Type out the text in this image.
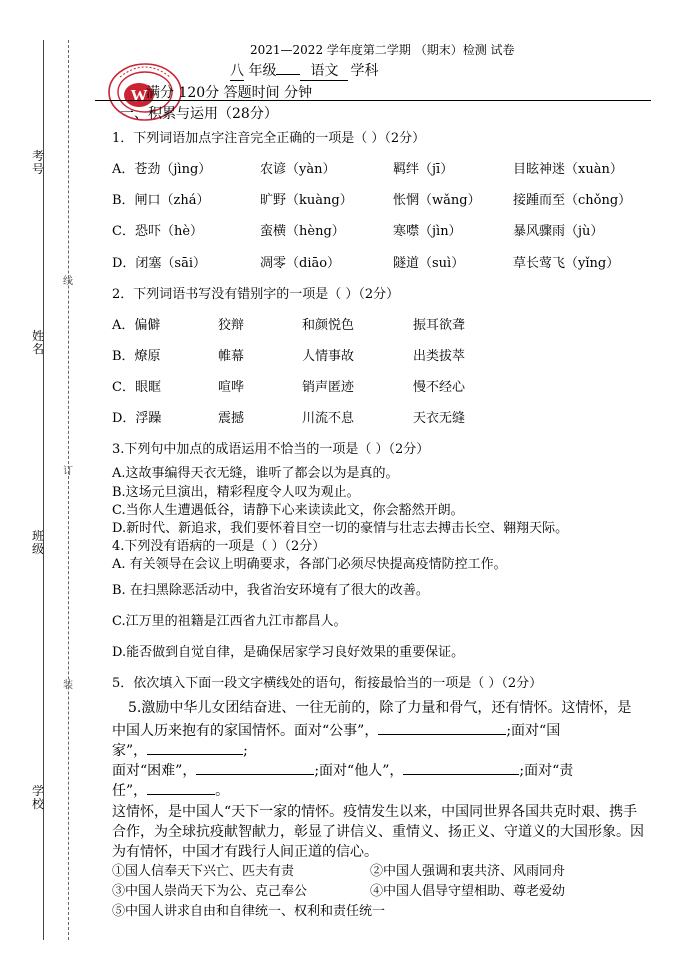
考号
姓名
班级
学校
线
订
装
2021—2022 学年度第二学期 （期末）检测 试卷
八 年级 语文 学科
W
满分 120分 答题时间 分钟
一、积累与运用（28分）
1．下列词语加点字注音完全正确的一项是（ ）（2分）
A．苍劲（jìng）	农谚（yàn）	羁绊（jī）	目眩神迷（xuàn）
B．闸口（zhá）	旷野（kuàng）	怅惘（wǎng） 接踵而至（chǒng）
C．恐吓（hè）	蛮横（hèng）	寒噤（jìn）	暴风骤雨（jù）
D．闭塞（sāi）	凋零（diāo）	隧道（suì）	草长莺飞（yǐng）
2．下列词语书写没有错别字的一项是（ ）（2分）
A．偏僻	狡辩	和颜悦色	振耳欲聋
B．燎原	帷幕	人情事故	出类拔萃
C．眼眶	喧哗	销声匿迹	慢不经心
D．浮躁	震撼	川流不息	天衣无缝
3.下列句中加点的成语运用不恰当的一项是（ ）（2分）
A.这故事编得天衣无缝，谁听了都会以为是真的。
B.这场元旦演出，精彩程度令人叹为观止。
C.当你人生遭遇低谷，请静下心来读读此文，你会豁然开朗。
D.新时代、新追求，我们要怀着目空一切的豪情与壮志去搏击长空、翱翔天际。
4.下列没有语病的一项是（ ）（2分）
A. 有关领导在会议上明确要求，各部门必须尽快提高疫情防控工作。
B. 在扫黑除恶活动中，我省治安环境有了很大的改善。
C.江万里的祖籍是江西省九江市都昌人。
D.能否做到自觉自律，是确保居家学习良好效果的重要保证。
5．依次填入下面一段文字横线处的语句，衔接最恰当的一项是（ ）（2分）
5.激励中华儿女团结奋进、一往无前的，除了力量和骨气，还有情怀。这情怀，是
中国人历来抱有的家国情怀。面对“公事”，	;面对“国
家”，	;
面对“困难”，	;面对“他人”，	;面对“责
任”，	。
这情怀，是中国人“天下一家的情怀。疫情发生以来，中国同世界各国共克时艰、携手
合作，为全球抗疫献智献力，彰显了讲信义、重情义、扬正义、守道义的大国形象。因
为有情怀，中国才有践行人间正道的信心。
①国人信奉天下兴亡、匹夫有责	②中国人强调和衷共济、风雨同舟
③中国人崇尚天下为公、克己奉公	④中国人倡导守望相助、尊老爱幼
⑤中国人讲求自由和自律统一、权利和责任统一
